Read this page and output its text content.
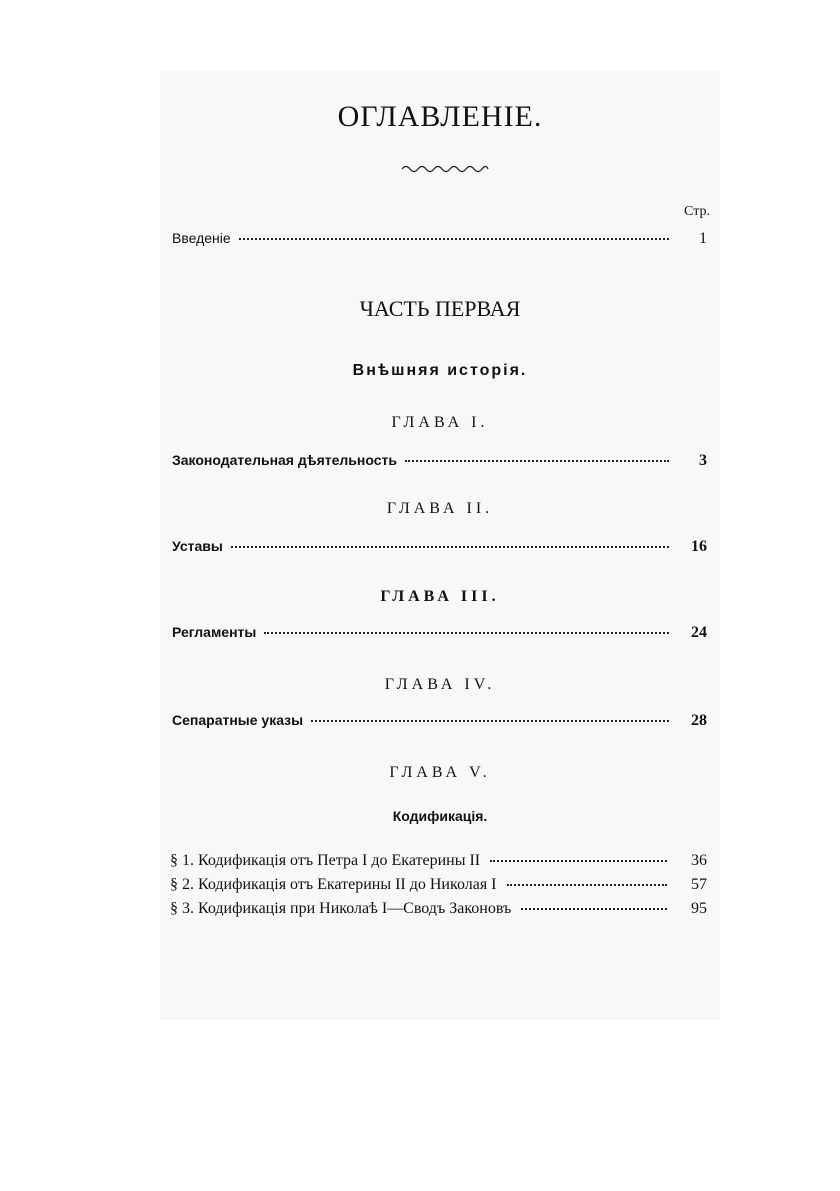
ОГЛАВЛЕНІЕ.
Стр.
Введеніе	1
ЧАСТЬ ПЕРВАЯ
Внѣшняя исторія.
ГЛАВА I.
Законодательная дѣятельность	3
ГЛАВА II.
Уставы	16
ГЛАВА III.
Регламенты	24
ГЛАВА IV.
Сепаратные указы	28
ГЛАВА V.
Кодификація.
§ 1. Кодификація отъ Петра I до Екатерины II	36
§ 2. Кодификація отъ Екатерины II до Николая I	57
§ 3. Кодификація при Николаѣ I—Сводъ Законовъ	95
